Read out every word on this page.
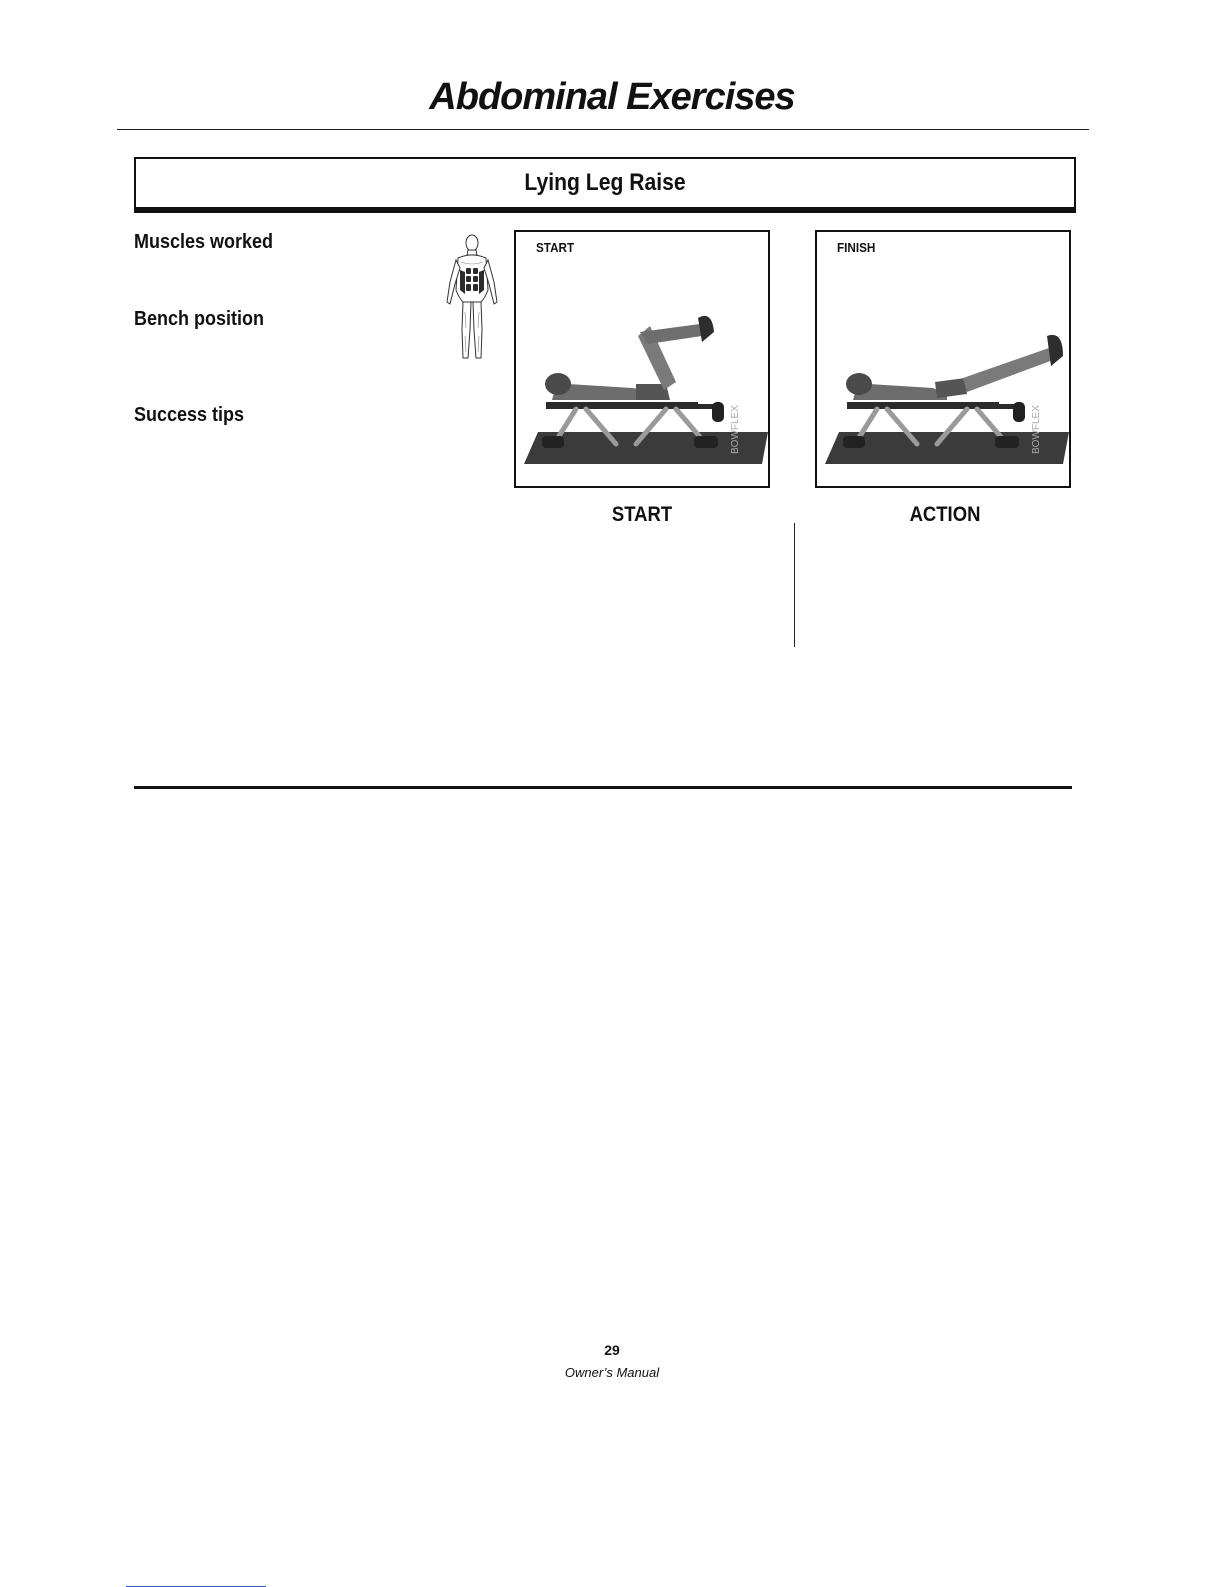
Abdominal Exercises
Lying Leg Raise
Muscles worked
Bench position
Success tips	BOWFLEX
START
BOWFLEX
FINISH
START	ACTION
29
Owner’s Manual
